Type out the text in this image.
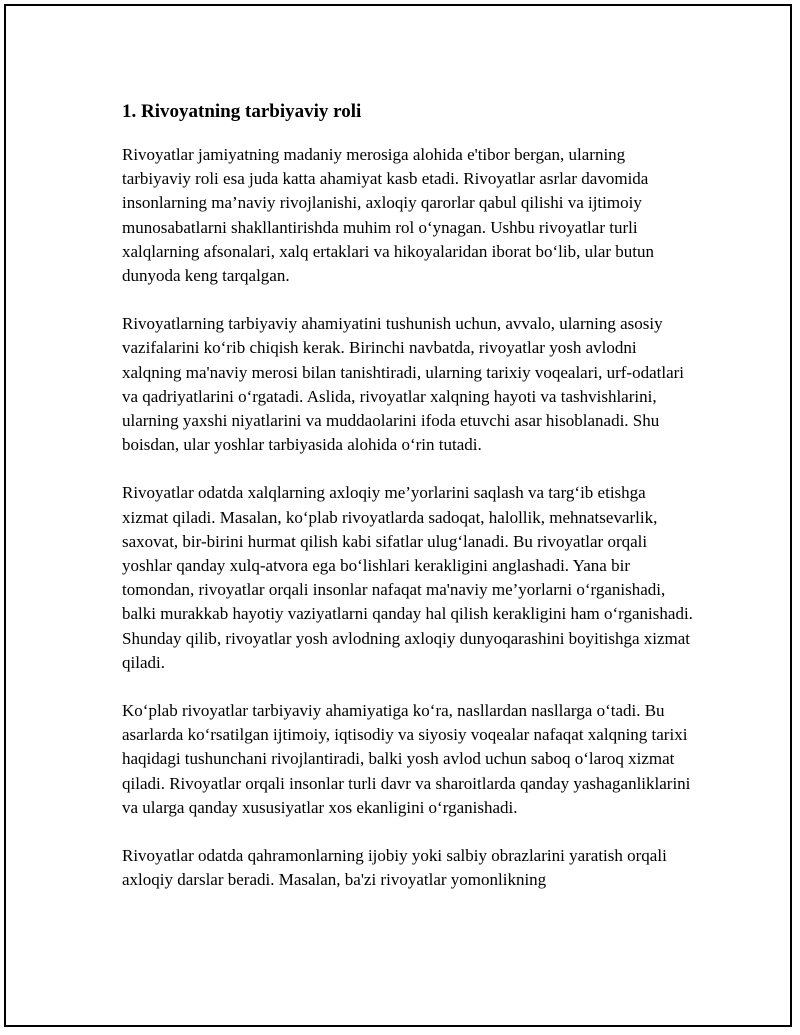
1. Rivoyatning tarbiyaviy roli

Rivoyatlar jamiyatning madaniy merosiga alohida e'tibor bergan, ularning tarbiyaviy roli esa juda katta ahamiyat kasb etadi. Rivoyatlar asrlar davomida insonlarning ma’naviy rivojlanishi, axloqiy qarorlar qabul qilishi va ijtimoiy munosabatlarni shakllantirishda muhim rol o‘ynagan. Ushbu rivoyatlar turli xalqlarning afsonalari, xalq ertaklari va hikoyalaridan iborat bo‘lib, ular butun dunyoda keng tarqalgan.

Rivoyatlarning tarbiyaviy ahamiyatini tushunish uchun, avvalo, ularning asosiy vazifalarini ko‘rib chiqish kerak. Birinchi navbatda, rivoyatlar yosh avlodni xalqning ma'naviy merosi bilan tanishtiradi, ularning tarixiy voqealari, urf-odatlari va qadriyatlarini o‘rgatadi. Aslida, rivoyatlar xalqning hayoti va tashvishlarini, ularning yaxshi niyatlarini va muddaolarini ifoda etuvchi asar hisoblanadi. Shu boisdan, ular yoshlar tarbiyasida alohida o‘rin tutadi.

Rivoyatlar odatda xalqlarning axloqiy me’yorlarini saqlash va targ‘ib etishga xizmat qiladi. Masalan, ko‘plab rivoyatlarda sadoqat, halollik, mehnatsevarlik, saxovat, bir-birini hurmat qilish kabi sifatlar ulug‘lanadi. Bu rivoyatlar orqali yoshlar qanday xulq-atvora ega bo‘lishlari kerakligini anglashadi. Yana bir tomondan, rivoyatlar orqali insonlar nafaqat ma'naviy me’yorlarni o‘rganishadi, balki murakkab hayotiy vaziyatlarni qanday hal qilish kerakligini ham o‘rganishadi. Shunday qilib, rivoyatlar yosh avlodning axloqiy dunyoqarashini boyitishga xizmat qiladi.

Ko‘plab rivoyatlar tarbiyaviy ahamiyatiga ko‘ra, nasllardan nasllarga o‘tadi. Bu asarlarda ko‘rsatilgan ijtimoiy, iqtisodiy va siyosiy voqealar nafaqat xalqning tarixi haqidagi tushunchani rivojlantiradi, balki yosh avlod uchun saboq o‘laroq xizmat qiladi. Rivoyatlar orqali insonlar turli davr va sharoitlarda qanday yashaganliklarini va ularga qanday xususiyatlar xos ekanligini o‘rganishadi.

Rivoyatlar odatda qahramonlarning ijobiy yoki salbiy obrazlarini yaratish orqali axloqiy darslar beradi. Masalan, ba'zi rivoyatlar yomonlikning
